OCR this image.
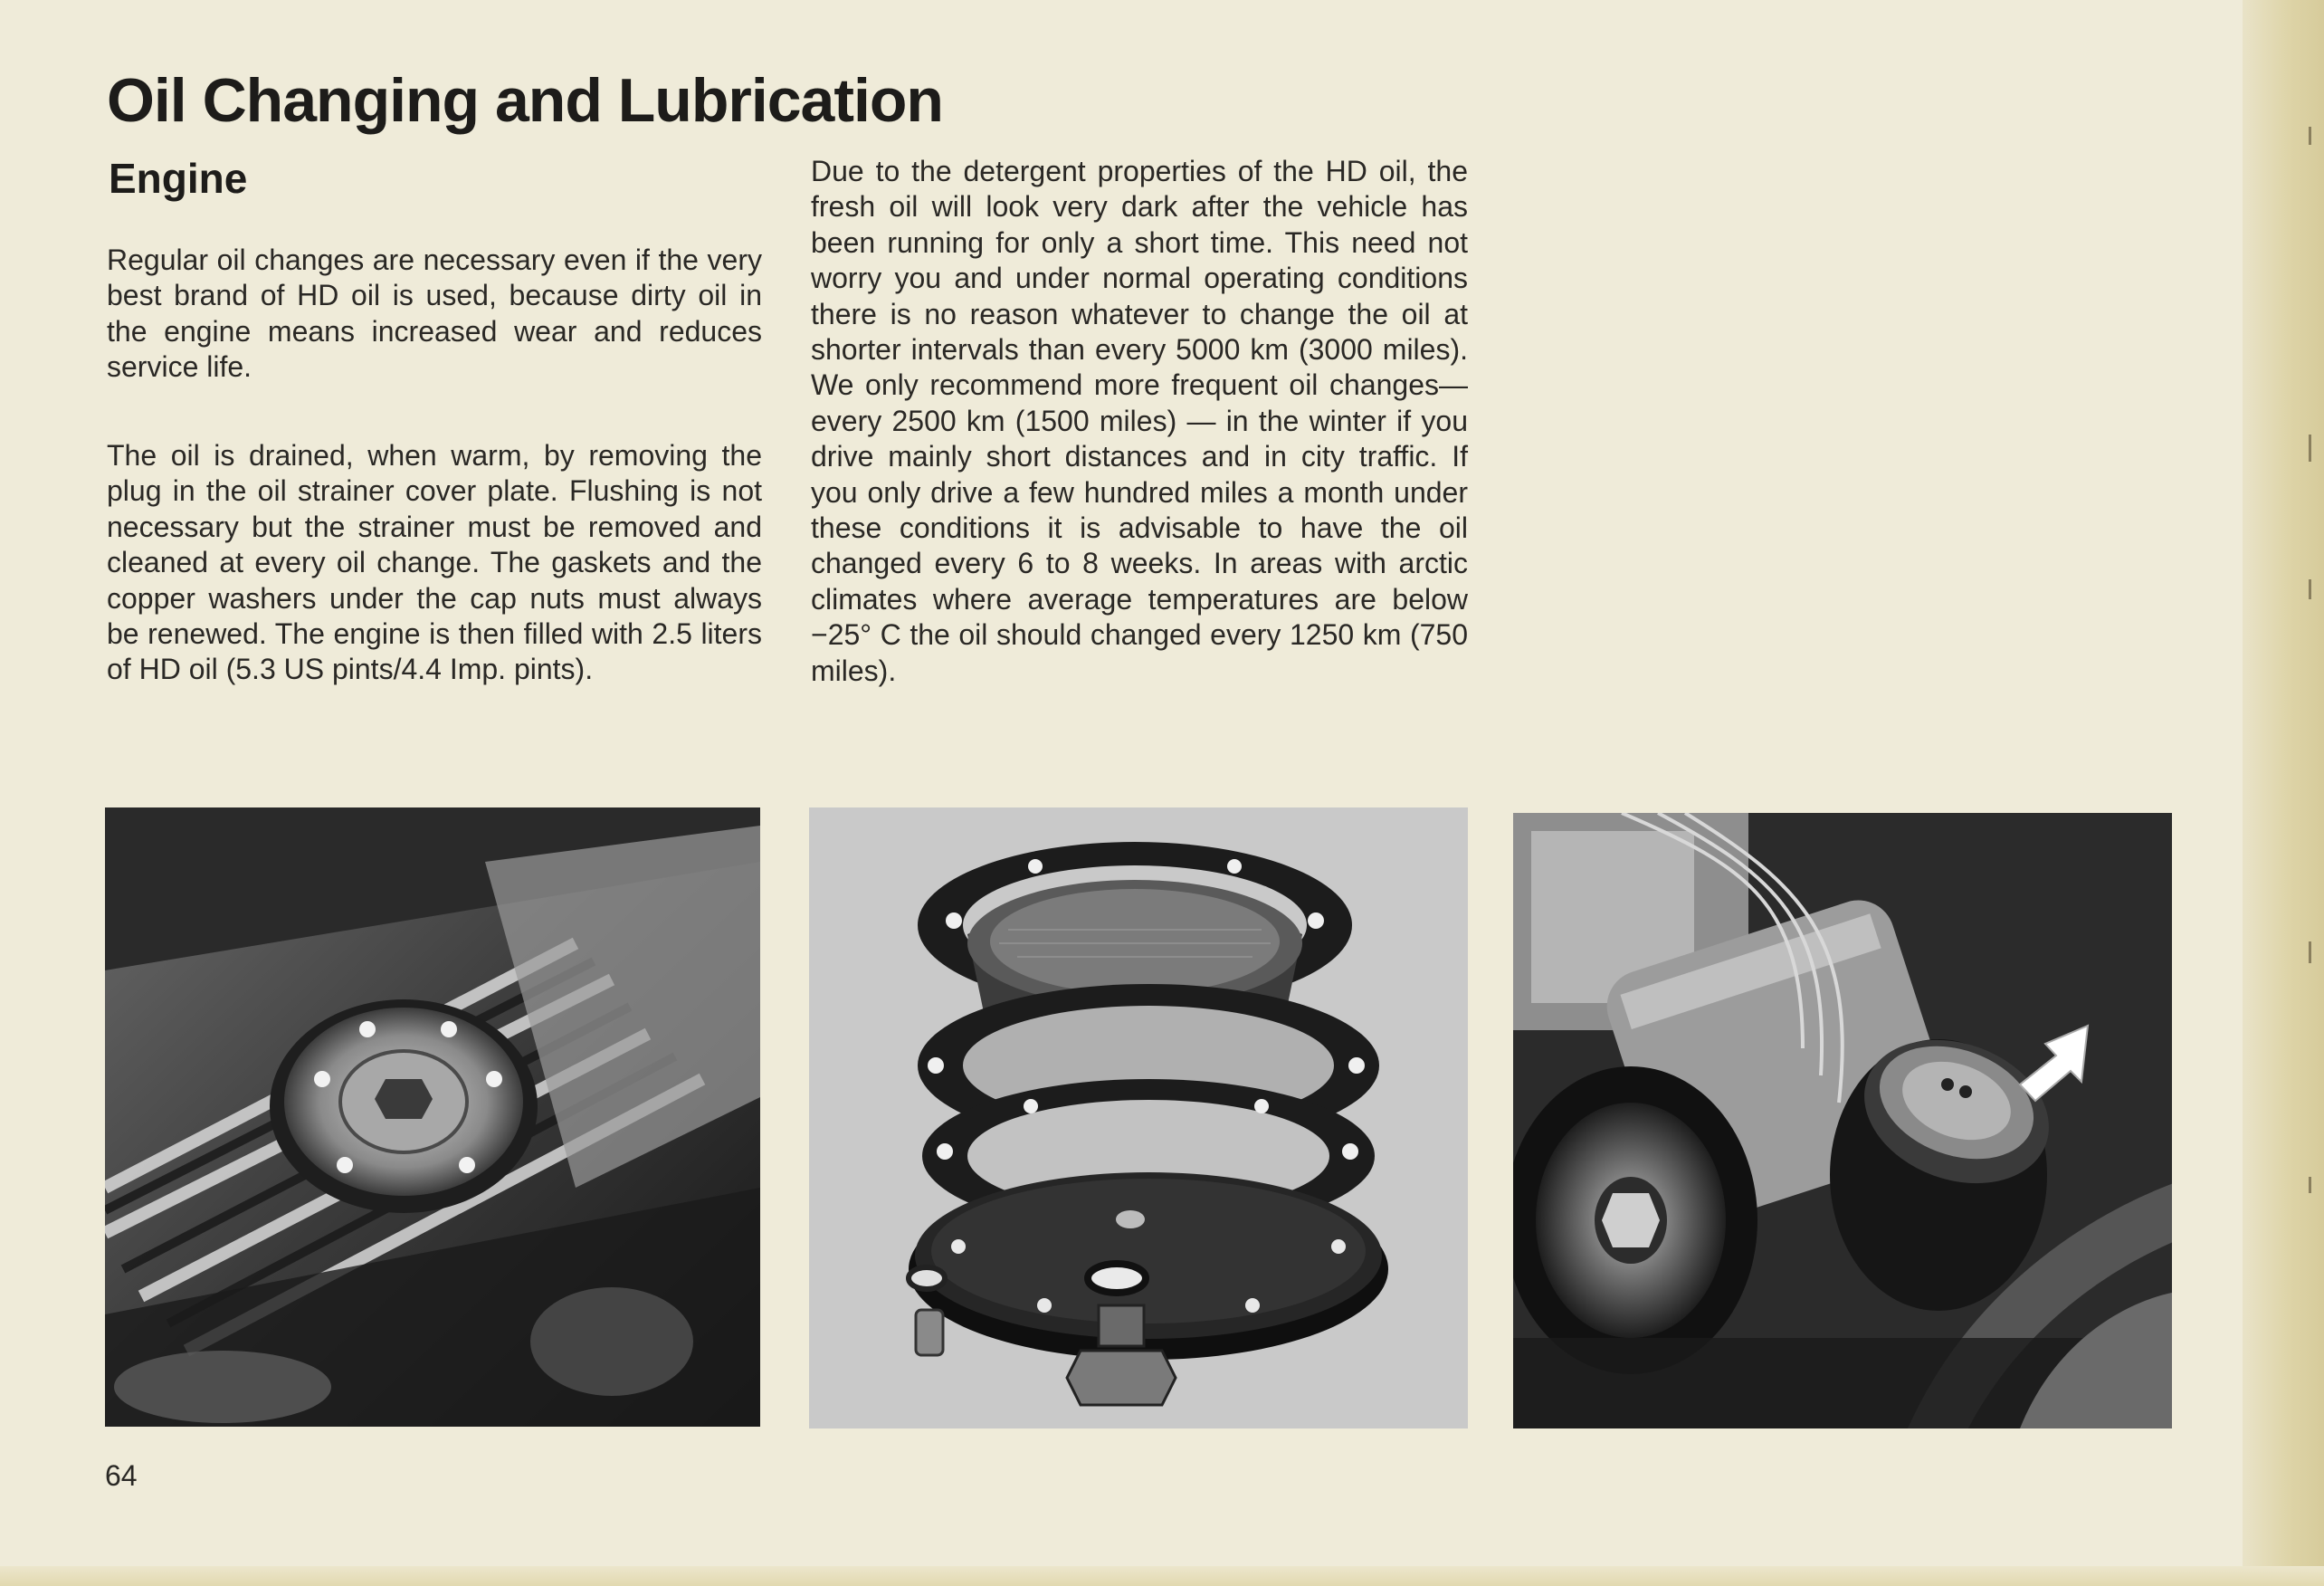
Oil Changing and Lubrication
Engine

Regular oil changes are necessary even if the very best brand of HD oil is used, because dirty oil in the engine means increased wear and reduces service life.

The oil is drained, when warm, by removing the plug in the oil strainer cover plate. Flushing is not necessary but the strainer must be removed and cleaned at every oil change. The gaskets and the copper washers under the cap nuts must always be renewed. The engine is then filled with 2.5 liters of HD oil (5.3 US pints/4.4 Imp. pints).

Due to the detergent properties of the HD oil, the fresh oil will look very dark after the vehicle has been running for only a short time. This need not worry you and under normal operating conditions there is no reason whatever to change the oil at shorter intervals than every 5000 km (3000 miles). We only recommend more frequent oil changes—every 2500 km (1500 miles) — in the winter if you drive mainly short distances and in city traffic. If you only drive a few hundred miles a month under these conditions it is advisable to have the oil changed every 6 to 8 weeks. In areas with arctic climates where average temperatures are below −25° C the oil should changed every 1250 km (750 miles).

64
